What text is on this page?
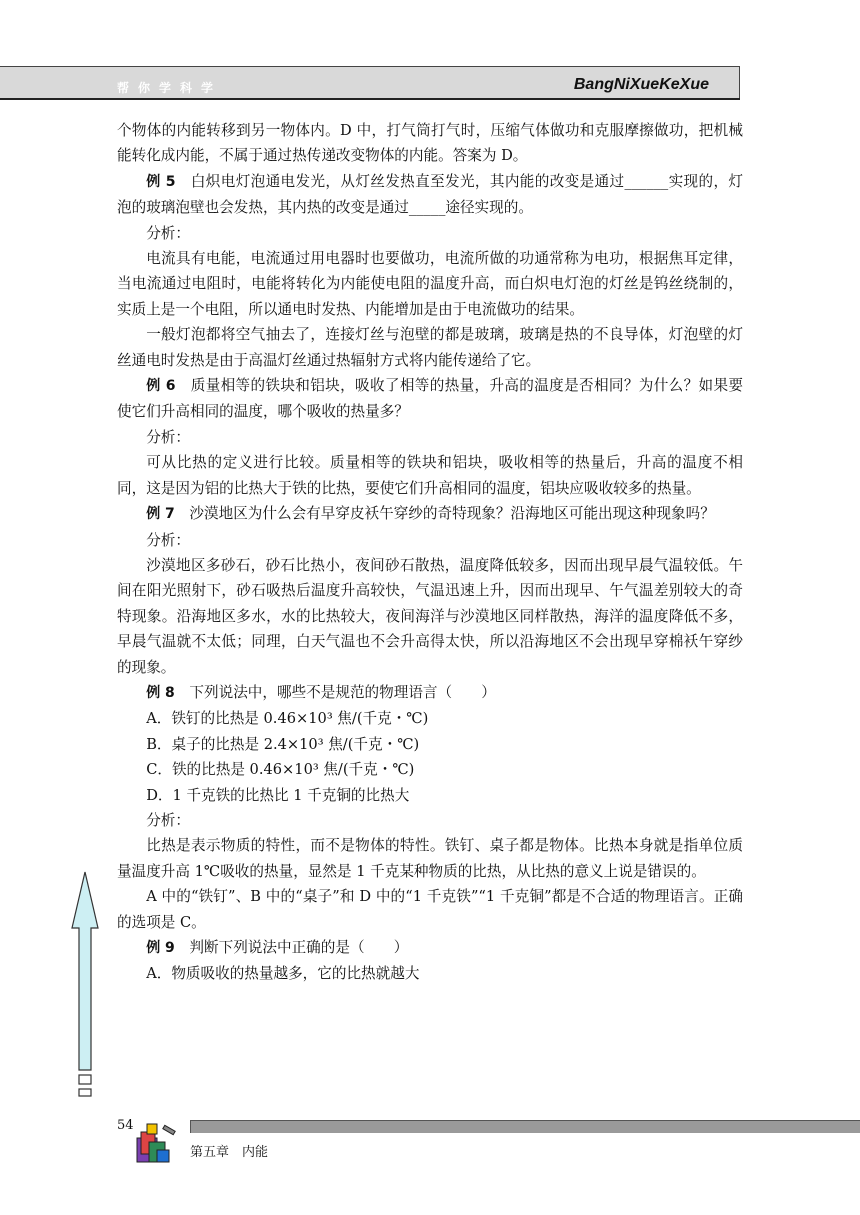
帮你学科学	BangNiXueKeXue

个物体的内能转移到另一物体内。D 中，打气筒打气时，压缩气体做功和克服摩擦做功，把机械能转化成内能，不属于通过热传递改变物体的内能。答案为 D。

例 5　白炽电灯泡通电发光，从灯丝发热直至发光，其内能的改变是通过______实现的，灯泡的玻璃泡壁也会发热，其内热的改变是通过_____途径实现的。

分析：

电流具有电能，电流通过用电器时也要做功，电流所做的功通常称为电功，根据焦耳定律，当电流通过电阻时，电能将转化为内能使电阻的温度升高，而白炽电灯泡的灯丝是钨丝绕制的，实质上是一个电阻，所以通电时发热、内能增加是由于电流做功的结果。

一般灯泡都将空气抽去了，连接灯丝与泡壁的都是玻璃，玻璃是热的不良导体，灯泡壁的灯丝通电时发热是由于高温灯丝通过热辐射方式将内能传递给了它。

例 6　质量相等的铁块和铝块，吸收了相等的热量，升高的温度是否相同？为什么？如果要使它们升高相同的温度，哪个吸收的热量多？

分析：

可从比热的定义进行比较。质量相等的铁块和铝块，吸收相等的热量后，升高的温度不相同，这是因为铝的比热大于铁的比热，要使它们升高相同的温度，铝块应吸收较多的热量。

例 7　沙漠地区为什么会有早穿皮袄午穿纱的奇特现象？沿海地区可能出现这种现象吗？

分析：

沙漠地区多砂石，砂石比热小，夜间砂石散热，温度降低较多，因而出现早晨气温较低。午间在阳光照射下，砂石吸热后温度升高较快，气温迅速上升，因而出现早、午气温差别较大的奇特现象。沿海地区多水，水的比热较大，夜间海洋与沙漠地区同样散热，海洋的温度降低不多，早晨气温就不太低；同理，白天气温也不会升高得太快，所以沿海地区不会出现早穿棉袄午穿纱的现象。

例 8　下列说法中，哪些不是规范的物理语言（　　）

A．铁钉的比热是 0.46×10³ 焦/(千克・℃)

B．桌子的比热是 2.4×10³ 焦/(千克・℃)

C．铁的比热是 0.46×10³ 焦/(千克・℃)

D．1 千克铁的比热比 1 千克铜的比热大

分析：

比热是表示物质的特性，而不是物体的特性。铁钉、桌子都是物体。比热本身就是指单位质量温度升高 1℃吸收的热量，显然是 1 千克某种物质的比热，从比热的意义上说是错误的。

A 中的“铁钉”、B 中的“桌子”和 D 中的“1 千克铁”“1 千克铜”都是不合适的物理语言。正确的选项是 C。

例 9　判断下列说法中正确的是（　　）

A．物质吸收的热量越多，它的比热就越大

54
第五章　内能
